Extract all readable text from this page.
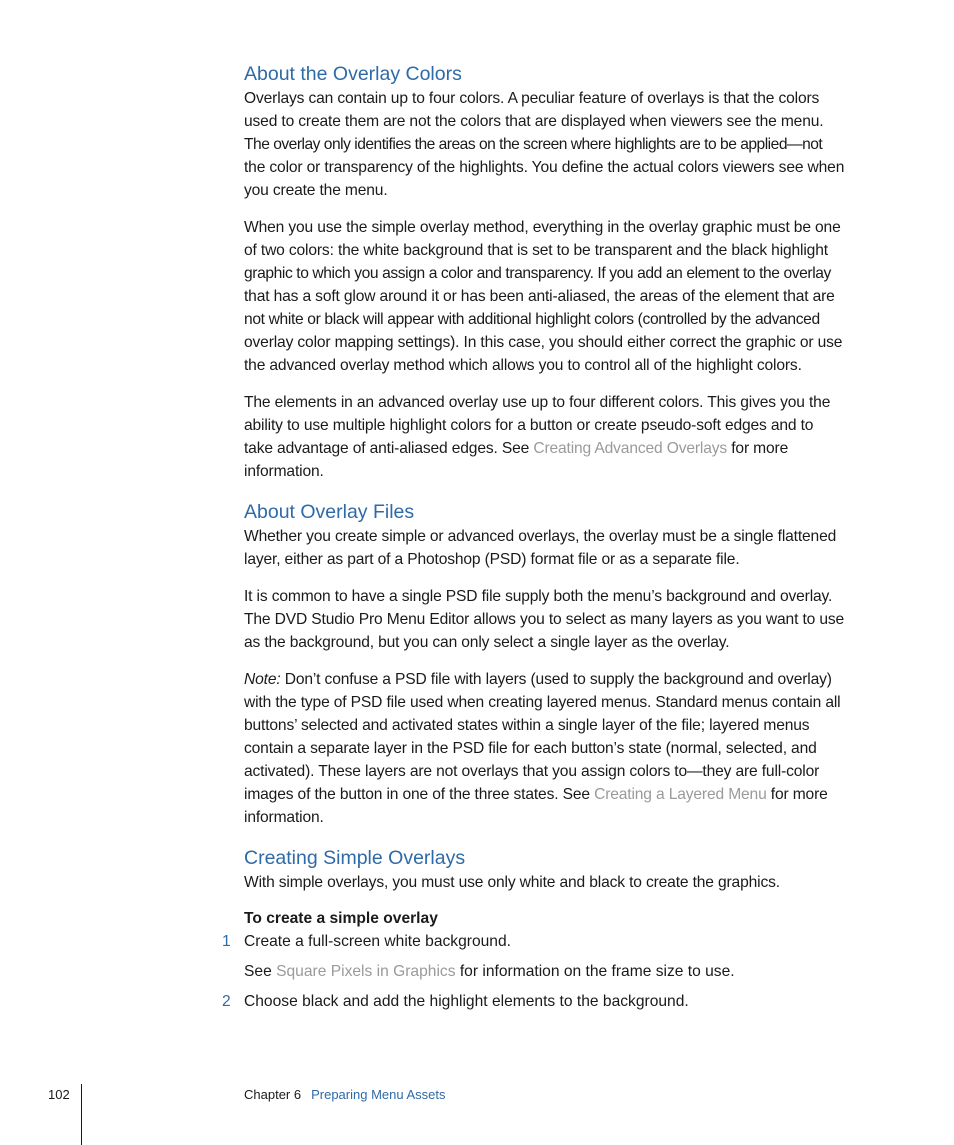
About the Overlay Colors
Overlays can contain up to four colors. A peculiar feature of overlays is that the colors
used to create them are not the colors that are displayed when viewers see the menu.
The overlay only identifies the areas on the screen where highlights are to be applied—not
the color or transparency of the highlights. You define the actual colors viewers see when
you create the menu.
When you use the simple overlay method, everything in the overlay graphic must be one
of two colors: the white background that is set to be transparent and the black highlight
graphic to which you assign a color and transparency. If you add an element to the overlay
that has a soft glow around it or has been anti-aliased, the areas of the element that are
not white or black will appear with additional highlight colors (controlled by the advanced
overlay color mapping settings). In this case, you should either correct the graphic or use
the advanced overlay method which allows you to control all of the highlight colors.
The elements in an advanced overlay use up to four different colors. This gives you the
ability to use multiple highlight colors for a button or create pseudo-soft edges and to
take advantage of anti-aliased edges. See Creating Advanced Overlays for more
information.
About Overlay Files
Whether you create simple or advanced overlays, the overlay must be a single flattened
layer, either as part of a Photoshop (PSD) format file or as a separate file.
It is common to have a single PSD file supply both the menu’s background and overlay.
The DVD Studio Pro Menu Editor allows you to select as many layers as you want to use
as the background, but you can only select a single layer as the overlay.
Note: Don’t confuse a PSD file with layers (used to supply the background and overlay)
with the type of PSD file used when creating layered menus. Standard menus contain all
buttons’ selected and activated states within a single layer of the file; layered menus
contain a separate layer in the PSD file for each button’s state (normal, selected, and
activated). These layers are not overlays that you assign colors to—they are full-color
images of the button in one of the three states. See Creating a Layered Menu for more
information.
Creating Simple Overlays
With simple overlays, you must use only white and black to create the graphics.
To create a simple overlay
1 Create a full-screen white background.
See Square Pixels in Graphics for information on the frame size to use.
2 Choose black and add the highlight elements to the background.
102	Chapter 6 Preparing Menu Assets
